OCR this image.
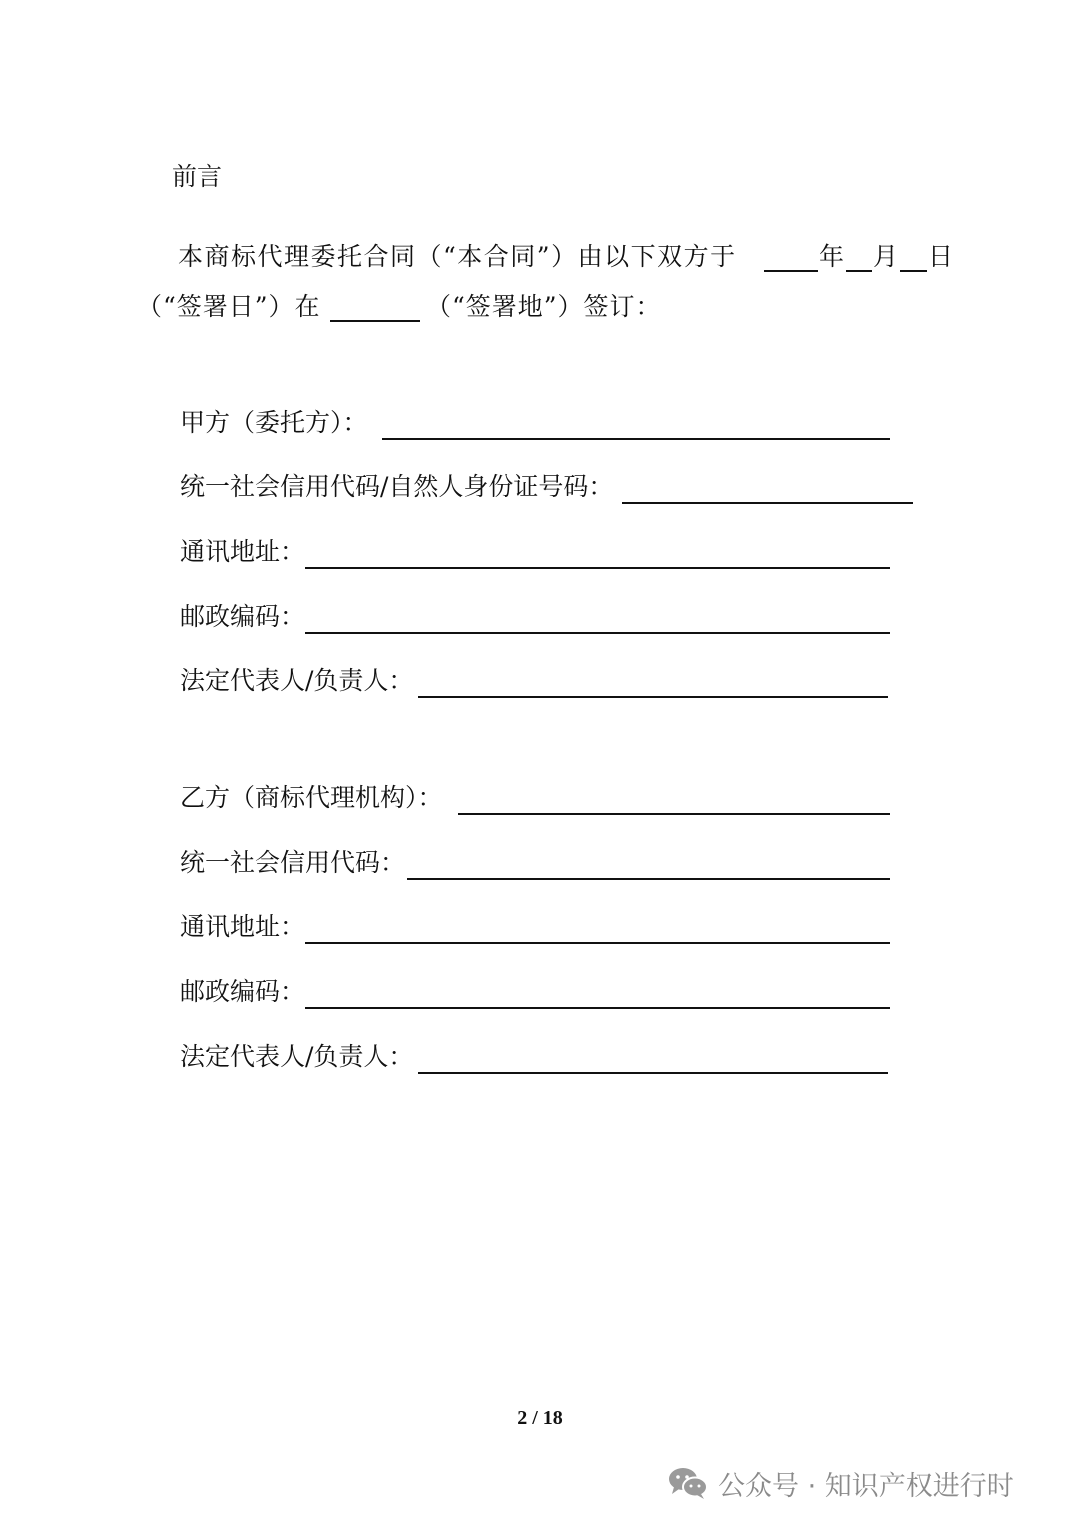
前言
本商标代理委托合同（“本合同”）由以下双方于	年 月 日
（“签署日”）在	（“签署地”）签订：
甲方（委托方）：
统一社会信用代码/自然人身份证号码：
通讯地址：
邮政编码：
法定代表人/负责人：
乙方（商标代理机构）：
统一社会信用代码：
通讯地址：
邮政编码：
法定代表人/负责人：
2 / 18
公众号 · 知识产权进行时
